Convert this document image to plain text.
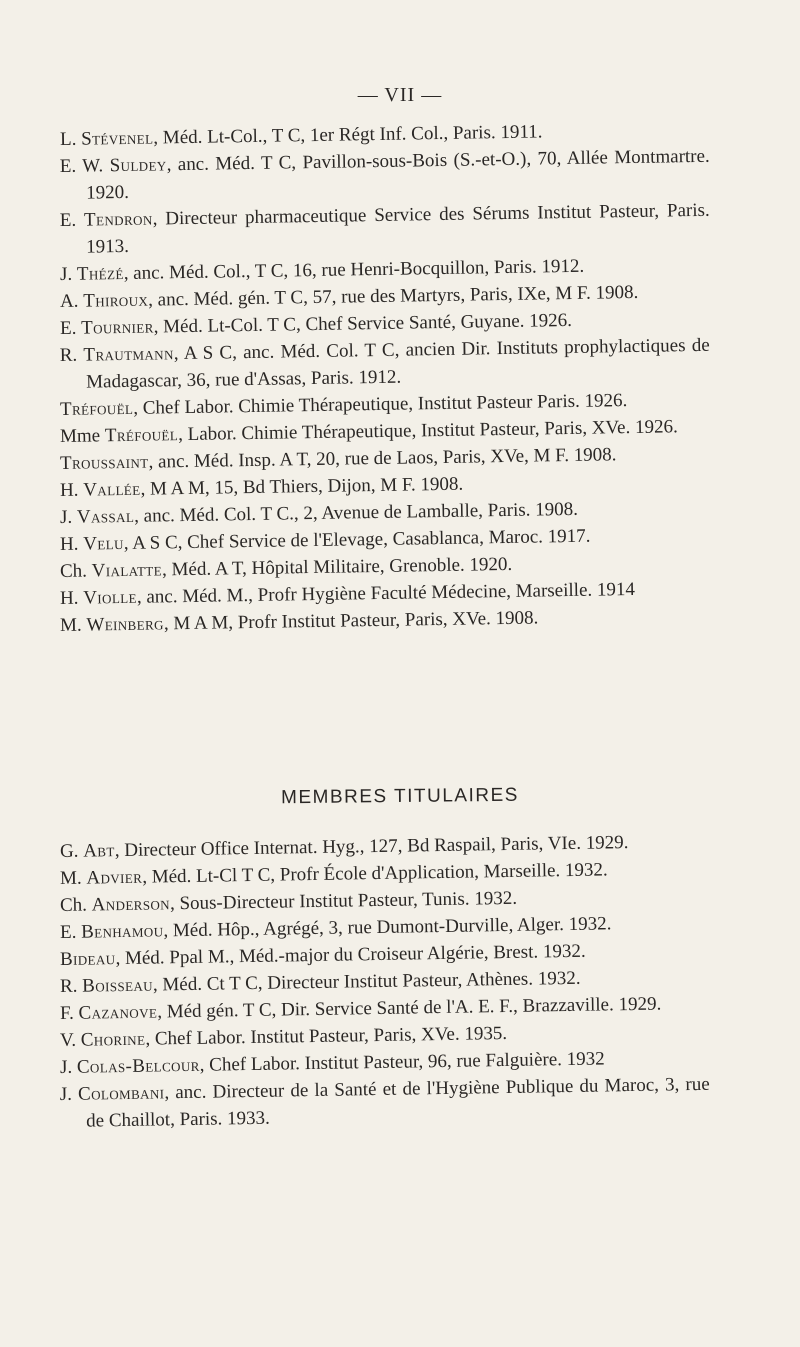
— VII —

L. Stévenel, Méd. Lt-Col., T C, 1er Régt Inf. Col., Paris. 1911.

E. W. Suldey, anc. Méd. T C, Pavillon-sous-Bois (S.-et-O.), 70, Allée Montmartre. 1920.

E. Tendron, Directeur pharmaceutique Service des Sérums Institut Pasteur, Paris. 1913.

J. Thézé, anc. Méd. Col., T C, 16, rue Henri-Bocquillon, Paris. 1912.

A. Thiroux, anc. Méd. gén. T C, 57, rue des Martyrs, Paris, IXe, M F. 1908.

E. Tournier, Méd. Lt-Col. T C, Chef Service Santé, Guyane. 1926.

R. Trautmann, A S C, anc. Méd. Col. T C, ancien Dir. Instituts prophylactiques de Madagascar, 36, rue d'Assas, Paris. 1912.

Tréfouël, Chef Labor. Chimie Thérapeutique, Institut Pasteur Paris. 1926.

Mme Tréfouël, Labor. Chimie Thérapeutique, Institut Pasteur, Paris, XVe. 1926.

Troussaint, anc. Méd. Insp. A T, 20, rue de Laos, Paris, XVe, M F. 1908.

H. Vallée, M A M, 15, Bd Thiers, Dijon, M F. 1908.

J. Vassal, anc. Méd. Col. T C., 2, Avenue de Lamballe, Paris. 1908.

H. Velu, A S C, Chef Service de l'Elevage, Casablanca, Maroc. 1917.

Ch. Vialatte, Méd. A T, Hôpital Militaire, Grenoble. 1920.

H. Violle, anc. Méd. M., Profr Hygiène Faculté Médecine, Marseille. 1914

M. Weinberg, M A M, Profr Institut Pasteur, Paris, XVe. 1908.

MEMBRES TITULAIRES

G. Abt, Directeur Office Internat. Hyg., 127, Bd Raspail, Paris, VIe. 1929.

M. Advier, Méd. Lt-Cl T C, Profr École d'Application, Marseille. 1932.

Ch. Anderson, Sous-Directeur Institut Pasteur, Tunis. 1932.

E. Benhamou, Méd. Hôp., Agrégé, 3, rue Dumont-Durville, Alger. 1932.

Bideau, Méd. Ppal M., Méd.-major du Croiseur Algérie, Brest. 1932.

R. Boisseau, Méd. Ct T C, Directeur Institut Pasteur, Athènes. 1932.

F. Cazanove, Méd gén. T C, Dir. Service Santé de l'A. E. F., Brazzaville. 1929.

V. Chorine, Chef Labor. Institut Pasteur, Paris, XVe. 1935.

J. Colas-Belcour, Chef Labor. Institut Pasteur, 96, rue Falguière. 1932

J. Colombani, anc. Directeur de la Santé et de l'Hygiène Publique du Maroc, 3, rue de Chaillot, Paris. 1933.
